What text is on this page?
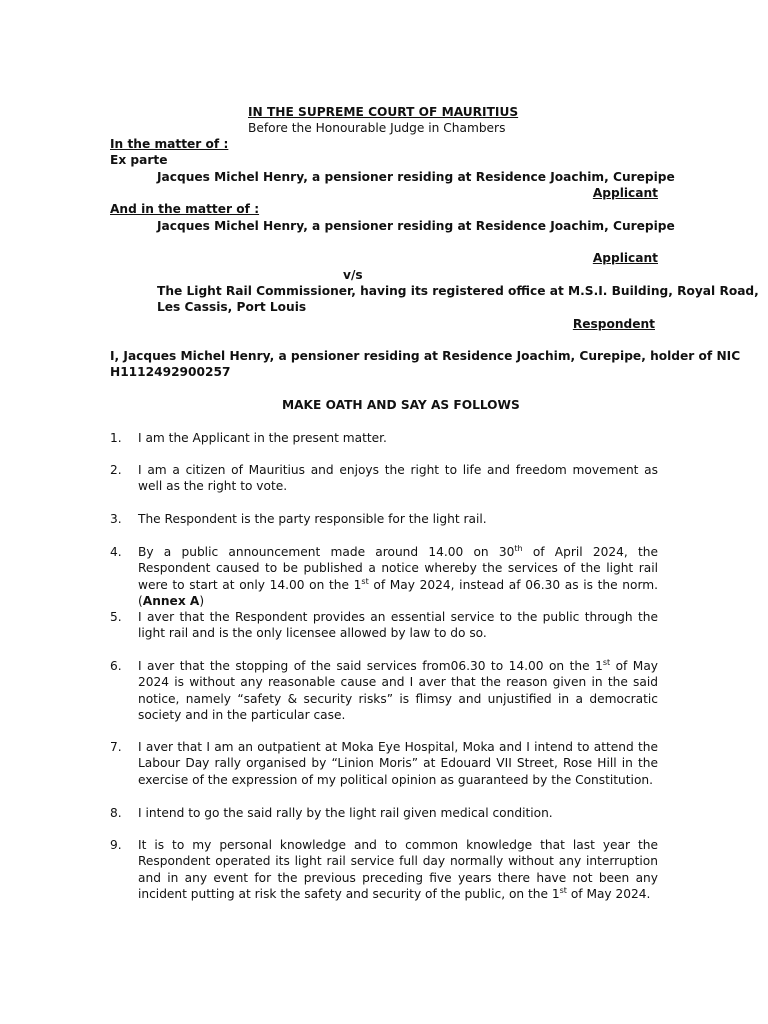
IN THE SUPREME COURT OF MAURITIUS
Before the Honourable Judge in Chambers
In the matter of :
Ex parte
Jacques Michel Henry, a pensioner residing at Residence Joachim, Curepipe
Applicant
And in the matter of :
Jacques Michel Henry, a pensioner residing at Residence Joachim, Curepipe
Applicant
v/s
The Light Rail Commissioner, having its registered office at M.S.I. Building, Royal Road,
Les Cassis, Port Louis
Respondent
I, Jacques Michel Henry, a pensioner residing at Residence Joachim, Curepipe, holder of NIC
H1112492900257
MAKE OATH AND SAY AS FOLLOWS
1.	I am the Applicant in the present matter.
2.	I am a citizen of Mauritius and enjoys the right to life and freedom movement as well as the right to vote.
3.	The Respondent is the party responsible for the light rail.
4.	By a public announcement made around 14.00 on 30th of April 2024, the Respondent caused to be published a notice whereby the services of the light rail were to start at only 14.00 on the 1st of May 2024, instead af 06.30 as is the norm. (Annex A)
5.	I aver that the Respondent provides an essential service to the public through the light rail and is the only licensee allowed by law to do so.
6.	I aver that the stopping of the said services from06.30 to 14.00 on the 1st of May 2024 is without any reasonable cause and I aver that the reason given in the said notice, namely “safety & security risks” is flimsy and unjustified in a democratic society and in the particular case.
7.	I aver that I am an outpatient at Moka Eye Hospital, Moka and I intend to attend the Labour Day rally organised by “Linion Moris” at Edouard VII Street, Rose Hill in the exercise of the expression of my political opinion as guaranteed by the Constitution.
8.	I intend to go the said rally by the light rail given medical condition.
9.	It is to my personal knowledge and to common knowledge that last year the Respondent operated its light rail service full day normally without any interruption and in any event for the previous preceding five years there have not been any incident putting at risk the safety and security of the public, on the 1st of May 2024.
